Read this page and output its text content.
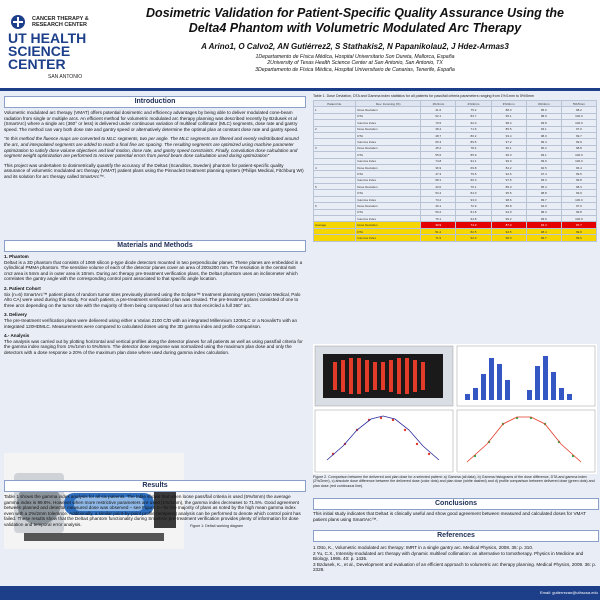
CANCER THERAPY & RESEARCH CENTER
UT HEALTH SCIENCE CENTER
SAN ANTONIO
Dosimetric Validation for Patient-Specific Quality Assurance Using the Delta4 Phantom with Volumetric Modulated Arc Therapy
A Arino1, O Calvo2, AN Gutiérrez2, S Stathakis2, N Papanikolau2, J Hdez-Armas3
1Departamento de Física Médica, Hospital Universitario Son Dureta, Mallorca, España
2University of Texas Health Science Center at San Antonio, San Antonio, TX
3Departamento de Física Médica, Hospital Universitario de Canarias, Tenerife, España
Introduction

Volumetric modulated arc therapy (VMAT) offers potential dosimetric and efficiency advantages by being able to deliver modulated cone-beam radiation from single or multiple arcs. An efficient method for volumetric modulated arc therapy planning was described recently by Bzdusek et al (SmartArc) where a single arc (360° or less) is delivered under continuous variation of multileaf collimator (MLC) segments, dose rate and gantry speed. The method can vary both dose rate and gantry speed or alternatively determine the optimal plan at constant dose rate and gantry speed.

"In this method the fluence maps are converted to MLC segments, two per angle. The MLC segments are filtered and evenly redistributed around the arc, and interpolated segments are added to reach a final fine arc spacing. The resulting segments are optimized using machine parameter optimization to satisfy dose volume objectives and leaf motion, dose rate, and gantry speed constraints. Finally, convolution dose calculation and segment weight optimization are performed to recover potential errors from pencil beam dose calculation used during optimization"

This project was undertaken to dosimetrically quantify the accuracy of the Delta4 (Scanditos, Sweden) phantom for patient-specific quality assurance of volumetric modulated arc therapy (VMAT) patient plans using the Pinnacle3 treatment planning system (Philips Medical, Fitchburg WI) and its solution for arc therapy called SmartArc™.

Materials and Methods
1. Phantom

Delta4 is a 3D phantom that consists of 1069 silicon p-type diode detectors mounted in two perpendicular planes. These planes are embedded in a cylindrical PMMA phantom. The sensitive volume of each of the detector planes cover an area of 200x200 mm. The resolution in the central 6x6 cm2 area is 5mm and in outer area is 10mm. During arc therapy pre-treatment verification plans, the Delta4 phantom uses an inclinometer which correlates the gantry angle with the corresponding control point associated to that specific angle location.

2. Patient Cohort

Six (n=6) SmartArc™ patient plans of random tumor sites previously planned using the Eclipse™ treatment planning system (Varian Medical, Palo Alto CA) were used during this study. For each patient, a pre-treatment verification plan was created. The pre-treatment plans consisted of one to three arcs depending on the tumor site with the majority of them being composed of two arcs that encircled a full 360° arc.

3. Delivery

The pre-treatment verification plans were delivered using either a Varian 2100 C/D with an integrated Millennium 120MLC or a NovalisTx with an integrated 120HDMLC. Measurements were compared to calculated doses using the 3D gamma index and profile comparison.

4.- Analysis

The analysis was carried out by plotting horizontal and vertical profiles along the detector planes for all patients as well as using pass/fail criteria for the gamma index ranging from 1%/1mm to 5%/5mm. The detector dose response was normalized using the maximum plan dose and only the detectors with a dose response ≥ 20% of the maximum plan dose where used during gamma index calculation.

Figure 1: Delta4 working diagram
Results

Table 1 shows the gamma index analysis for all six patients. The table shows that when loose pass/fail criteria is used (5%/5mm) the average gamma index is 99.6%. However when more restrictive parameters are used (1%/1mm), the gamma index decreases to 71.5%. Good agreement between planned and detector measured dose was observed – see Figure 2—for the majority of plans as noted by the high mean gamma index even with a 2%/2mm tolerance. Additionally, a similar point-by-point profile (temporal) analysis can be performed to denote which control point has failed. These results show that the Delta4 phantom functionality during SmartArc pre-treatment verification provides plenty of information for dose validation and temporal error analysis.

Table 1. Dose Deviation, DTA and Gamma index statistics for all patients for pass/fail criteria parameters ranging from 1%/1mm to 5%/5mm
Patient No.	Dev. Incoming (%)	1%/1mm	2%/2mm	3%/3mm	4%/4mm	5%/5mm
1	Dose Deviation	41.6	75.2	88.3	95.0	98.2
	DTA	52.1	83.7	95.1	98.9	100.0
	Gamma Index	70.5	92.0	98.4	99.8	100.0
2	Dose Deviation	38.4	71.6	85.5	93.1	97.0
	DTA	48.7	80.2	93.4	98.0	99.7
	Gamma Index	66.3	89.5	97.2	99.4	99.9
3	Dose Deviation	45.2	78.4	90.1	96.2	98.8
	DTA	55.6	85.9	96.3	99.1	100.0
	Gamma Index	74.8	94.1	99.0	99.9	100.0
4	Dose Deviation	36.9	69.8	84.2	92.5	96.4
	DTA	47.3	79.5	92.6	97.4	99.5
	Gamma Index	68.1	90.3	97.5	99.3	99.8
5	Dose Deviation	43.0	76.1	89.0	95.4	98.3
	DTA	53.4	84.0	95.5	98.8	99.9
	Gamma Index	73.2	93.0	98.6	99.7	100.0
6	Dose Deviation	40.1	72.9	86.8	94.0	97.6
	DTA	50.2	81.8	94.0	98.3	99.8
	Gamma Index	76.1	94.8	99.2	99.9	100.0
Average	Dose Deviation	40.9	74.0	87.3	94.4	97.7
	DTA	51.2	82.5	94.5	98.4	99.8
	Gamma Index	71.5	92.3	98.3	99.7	99.6
Figure 2. Comparison between the delivered and plan dose for a selected patient: a) Gamma (all data), b) Gamma histograms of the dose difference, DTA and gamma index (2%/2mm), c) absolute dose difference between the delivered dose (color dots) and plan dose (white dashed) and d) profile comparison between delivered dose (green dots) and plan dose (red continuous line).
Conclusions

This initial study indicates that Delta4 is clinically useful and show good agreement between measured and calculated doses for VMAT patient plans using SmartArc™.

References
1 Otto, K., Volumetric modulated arc therapy: IMRT in a single gantry arc. Medical Physics, 2008. 35: p. 310.
2 Yu, C.X., Intensity-modulated arc therapy with dynamic multileaf collimation: an alternative to tomotherapy. Physics in Medicine and Biology, 1995. 40: p. 1435.
3 Bzdusek, K., et al., Development and evaluation of an efficient approach to volumetric arc therapy planning. Medical Physics, 2009. 36: p. 2328.
Email: gutierrezan@uthscsa.edu
